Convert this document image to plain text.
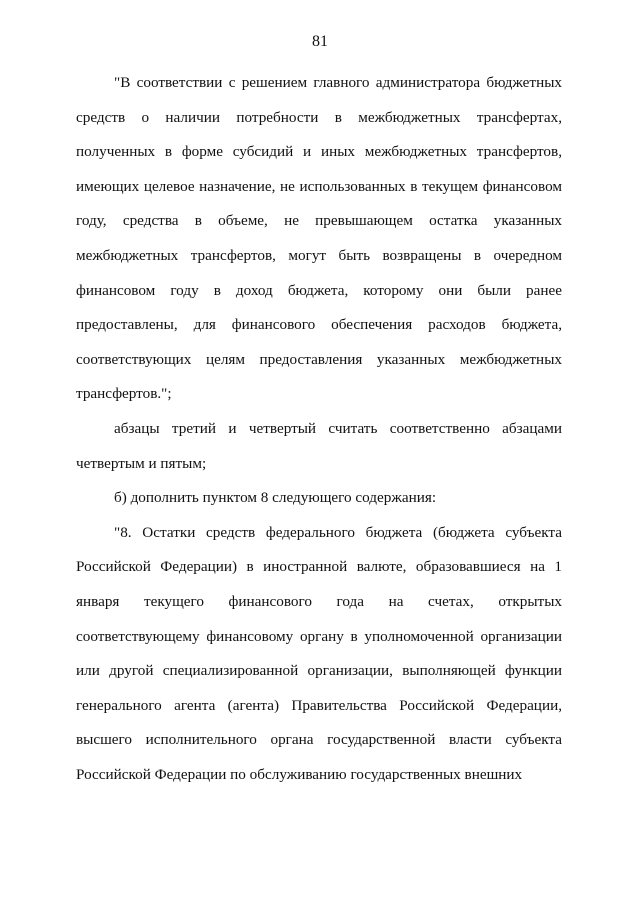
81

"В соответствии с решением главного администратора бюджетных средств о наличии потребности в межбюджетных трансфертах, полученных в форме субсидий и иных межбюджетных трансфертов, имеющих целевое назначение, не использованных в текущем финансовом году, средства в объеме, не превышающем остатка указанных межбюджетных трансфертов, могут быть возвращены в очередном финансовом году в доход бюджета, которому они были ранее предоставлены, для финансового обеспечения расходов бюджета, соответствующих целям предоставления указанных межбюджетных трансфертов.";

абзацы третий и четвертый считать соответственно абзацами четвертым и пятым;

б) дополнить пунктом 8 следующего содержания:

"8. Остатки средств федерального бюджета (бюджета субъекта Российской Федерации) в иностранной валюте, образовавшиеся на 1 января текущего финансового года на счетах, открытых соответствующему финансовому органу в уполномоченной организации или другой специализированной организации, выполняющей функции генерального агента (агента) Правительства Российской Федерации, высшего исполнительного органа государственной власти субъекта Российской Федерации по обслуживанию государственных внешних
